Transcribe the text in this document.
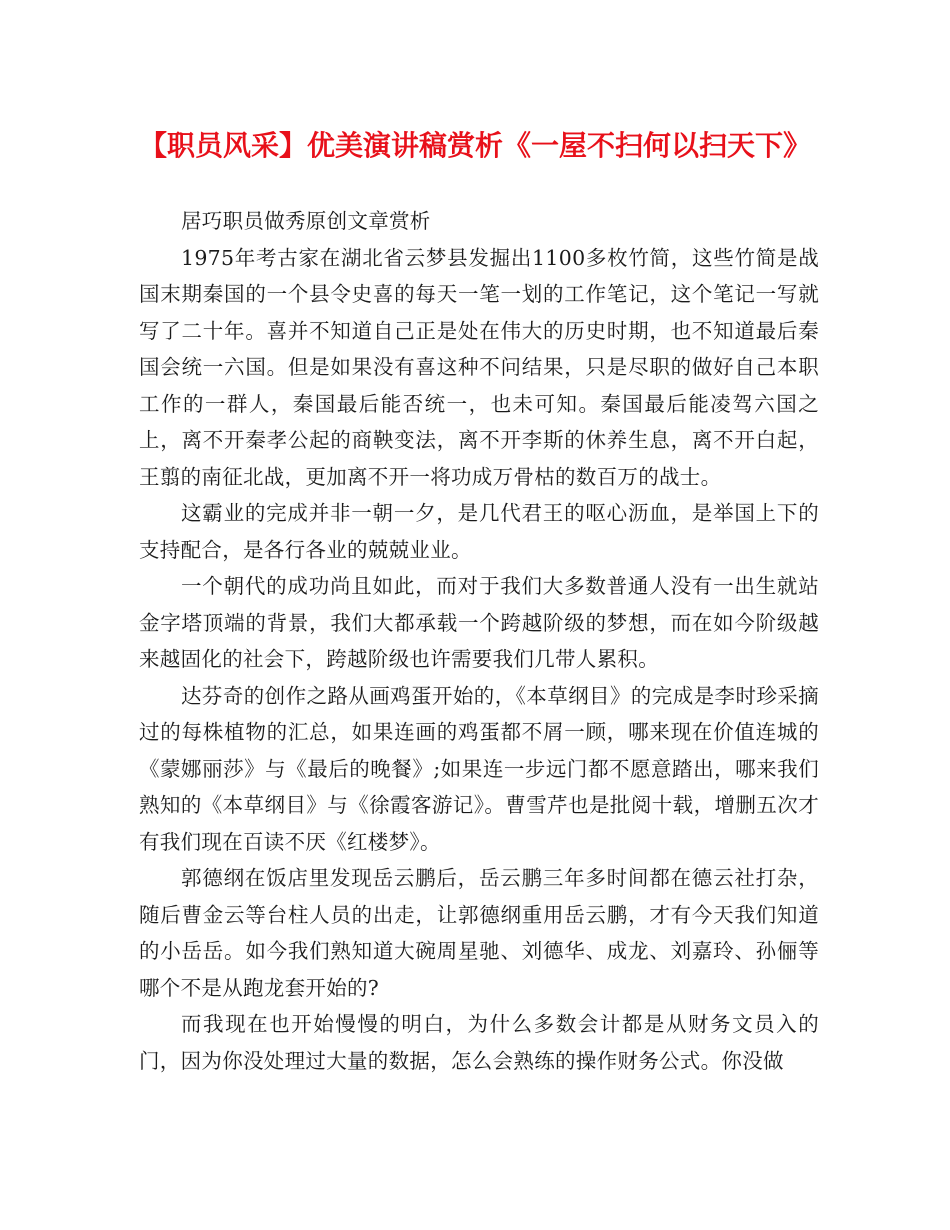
【职员风采】优美演讲稿赏析《一屋不扫何以扫天下》

居巧职员做秀原创文章赏析

1975年考古家在湖北省云梦县发掘出1100多枚竹简，这些竹简是战国末期秦国的一个县令史喜的每天一笔一划的工作笔记，这个笔记一写就写了二十年。喜并不知道自己正是处在伟大的历史时期，也不知道最后秦国会统一六国。但是如果没有喜这种不问结果，只是尽职的做好自己本职工作的一群人，秦国最后能否统一，也未可知。秦国最后能凌驾六国之上，离不开秦孝公起的商鞅变法，离不开李斯的休养生息，离不开白起，王翦的南征北战，更加离不开一将功成万骨枯的数百万的战士。

这霸业的完成并非一朝一夕，是几代君王的呕心沥血，是举国上下的支持配合，是各行各业的兢兢业业。

一个朝代的成功尚且如此，而对于我们大多数普通人没有一出生就站金字塔顶端的背景，我们大都承载一个跨越阶级的梦想，而在如今阶级越来越固化的社会下，跨越阶级也许需要我们几带人累积。

达芬奇的创作之路从画鸡蛋开始的，《本草纲目》的完成是李时珍采摘过的每株植物的汇总，如果连画的鸡蛋都不屑一顾，哪来现在价值连城的《蒙娜丽莎》与《最后的晚餐》;如果连一步远门都不愿意踏出，哪来我们熟知的《本草纲目》与《徐霞客游记》。曹雪芹也是批阅十载，增删五次才有我们现在百读不厌《红楼梦》。

郭德纲在饭店里发现岳云鹏后，岳云鹏三年多时间都在德云社打杂，随后曹金云等台柱人员的出走，让郭德纲重用岳云鹏，才有今天我们知道的小岳岳。如今我们熟知道大碗周星驰、刘德华、成龙、刘嘉玲、孙俪等哪个不是从跑龙套开始的?

而我现在也开始慢慢的明白，为什么多数会计都是从财务文员入的门，因为你没处理过大量的数据，怎么会熟练的操作财务公式。你没做
